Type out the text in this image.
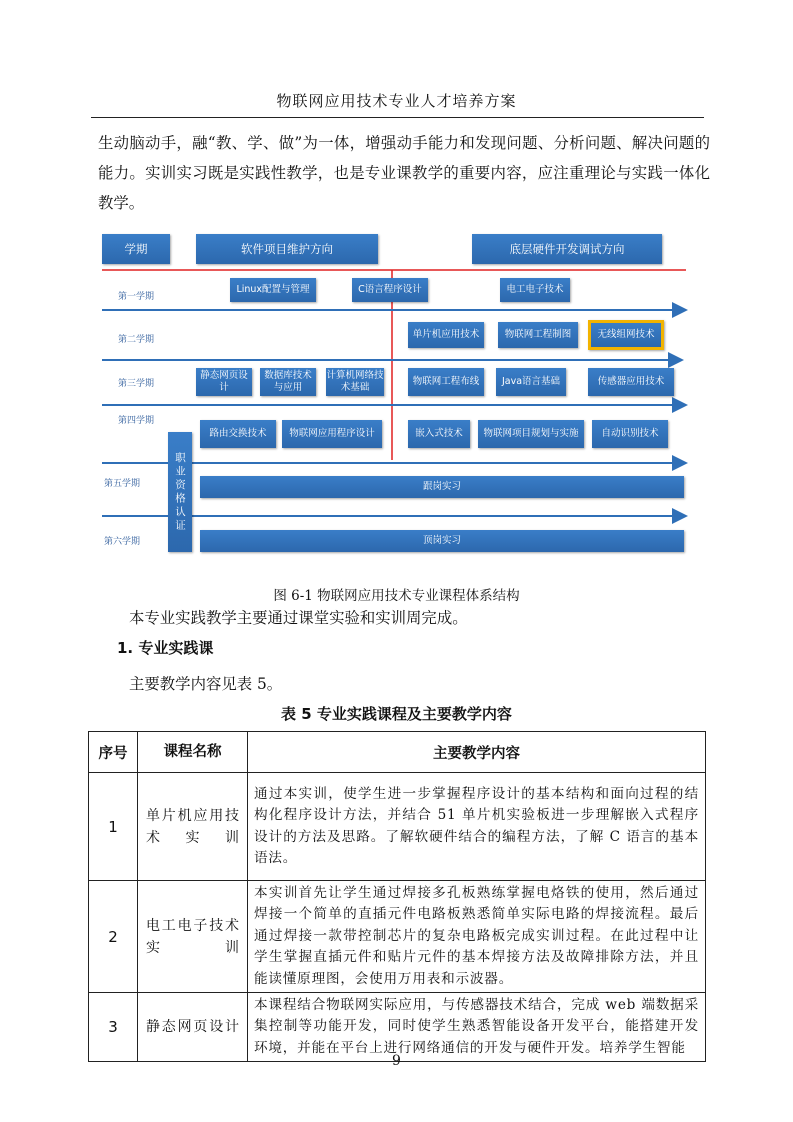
物联网应用技术专业人才培养方案
生动脑动手，融“教、学、做”为一体，增强动手能力和发现问题、分析问题、解决问题的能力。实训实习既是实践性教学，也是专业课教学的重要内容，应注重理论与实践一体化教学。
学期	软件项目维护方向	底层硬件开发调试方向
第一学期
第二学期
第三学期
第四学期
第五学期
第六学期
Linux配置与管理	C语言程序设计	电工电子技术
单片机应用技术	物联网工程制图	无线组网技术
静态网页设计
数据库技术与应用
计算机网络技术基础
物联网工程布线	Java语言基础	传感器应用技术
路由交换技术	物联网应用程序设计	嵌入式技术	物联网项目规划与实施	自动识别技术
职业资格认证	跟岗实习
顶岗实习
图 6-1 物联网应用技术专业课程体系结构
本专业实践教学主要通过课堂实验和实训周完成。
1. 专业实践课
主要教学内容见表 5。
表 5 专业实践课程及主要教学内容
序号	课程名称	主要教学内容
1	单片机应用技术实训	通过本实训，使学生进一步掌握程序设计的基本结构和面向过程的结构化程序设计方法，并结合 51 单片机实验板进一步理解嵌入式程序设计的方法及思路。了解软硬件结合的编程方法，了解 C 语言的基本语法。
2	电工电子技术实训	本实训首先让学生通过焊接多孔板熟练掌握电烙铁的使用，然后通过焊接一个简单的直插元件电路板熟悉简单实际电路的焊接流程。最后通过焊接一款带控制芯片的复杂电路板完成实训过程。在此过程中让学生掌握直插元件和贴片元件的基本焊接方法及故障排除方法，并且能读懂原理图，会使用万用表和示波器。
3	静态网页设计	本课程结合物联网实际应用，与传感器技术结合，完成 web 端数据采集控制等功能开发，同时使学生熟悉智能设备开发平台，能搭建开发环境，并能在平台上进行网络通信的开发与硬件开发。培养学生智能
9
